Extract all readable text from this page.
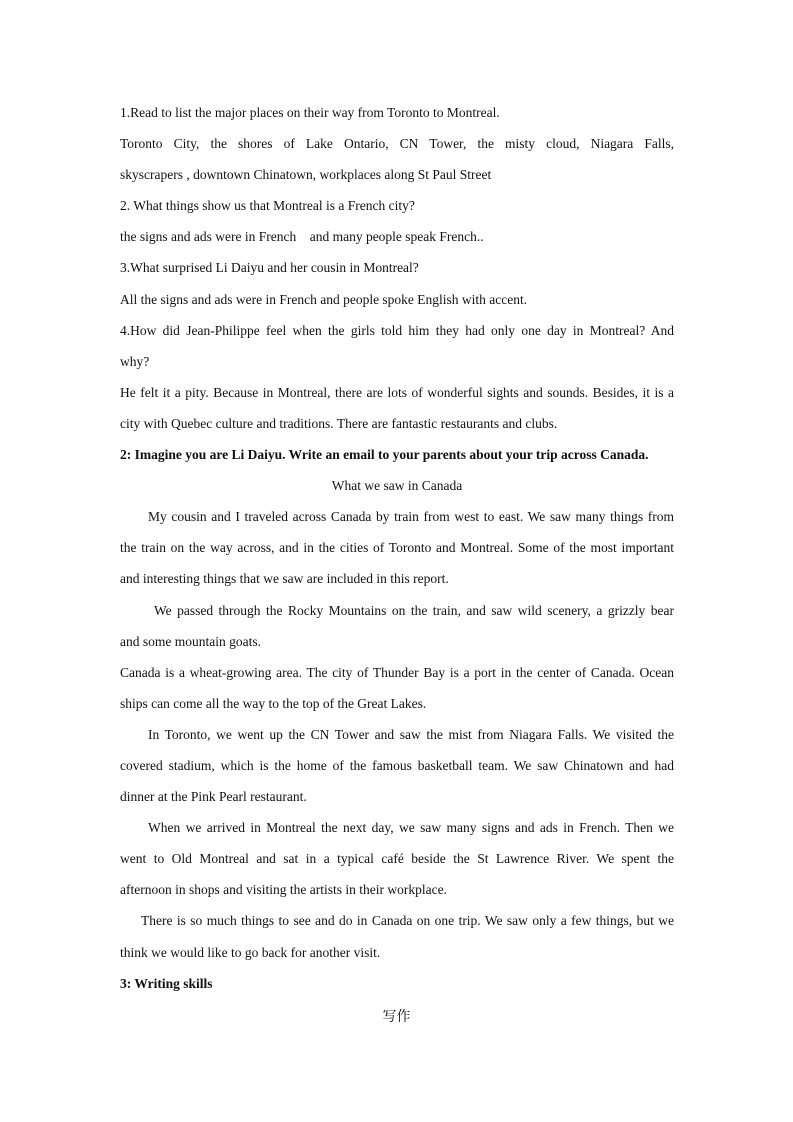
1.Read to list the major places on their way from Toronto to Montreal.

Toronto City, the shores of Lake Ontario, CN Tower, the misty cloud, Niagara Falls,

skyscrapers , downtown Chinatown, workplaces along St Paul Street

2. What things show us that Montreal is a French city?

the signs and ads were in French    and many people speak French..

3.What surprised Li Daiyu and her cousin in Montreal?

All the signs and ads were in French and people spoke English with accent.

4.How did Jean-Philippe feel when the girls told him they had only one day in Montreal? And

why?

He felt it a pity. Because in Montreal, there are lots of wonderful sights and sounds. Besides, it is a

city with Quebec culture and traditions. There are fantastic restaurants and clubs.

2: Imagine you are Li Daiyu. Write an email to your parents about your trip across Canada.

What we saw in Canada

My cousin and I traveled across Canada by train from west to east. We saw many things from

the train on the way across, and in the cities of Toronto and Montreal. Some of the most important

and interesting things that we saw are included in this report.

We passed through the Rocky Mountains on the train, and saw wild scenery, a grizzly bear

and some mountain goats.

Canada is a wheat-growing area. The city of Thunder Bay is a port in the center of Canada. Ocean

ships can come all the way to the top of the Great Lakes.

In Toronto, we went up the CN Tower and saw the mist from Niagara Falls. We visited the

covered stadium, which is the home of the famous basketball team. We saw Chinatown and had

dinner at the Pink Pearl restaurant.

When we arrived in Montreal the next day, we saw many signs and ads in French. Then we

went to Old Montreal and sat in a typical café beside the St Lawrence River. We spent the

afternoon in shops and visiting the artists in their workplace.

There is so much things to see and do in Canada on one trip. We saw only a few things, but we

think we would like to go back for another visit.

3: Writing skills

写作
